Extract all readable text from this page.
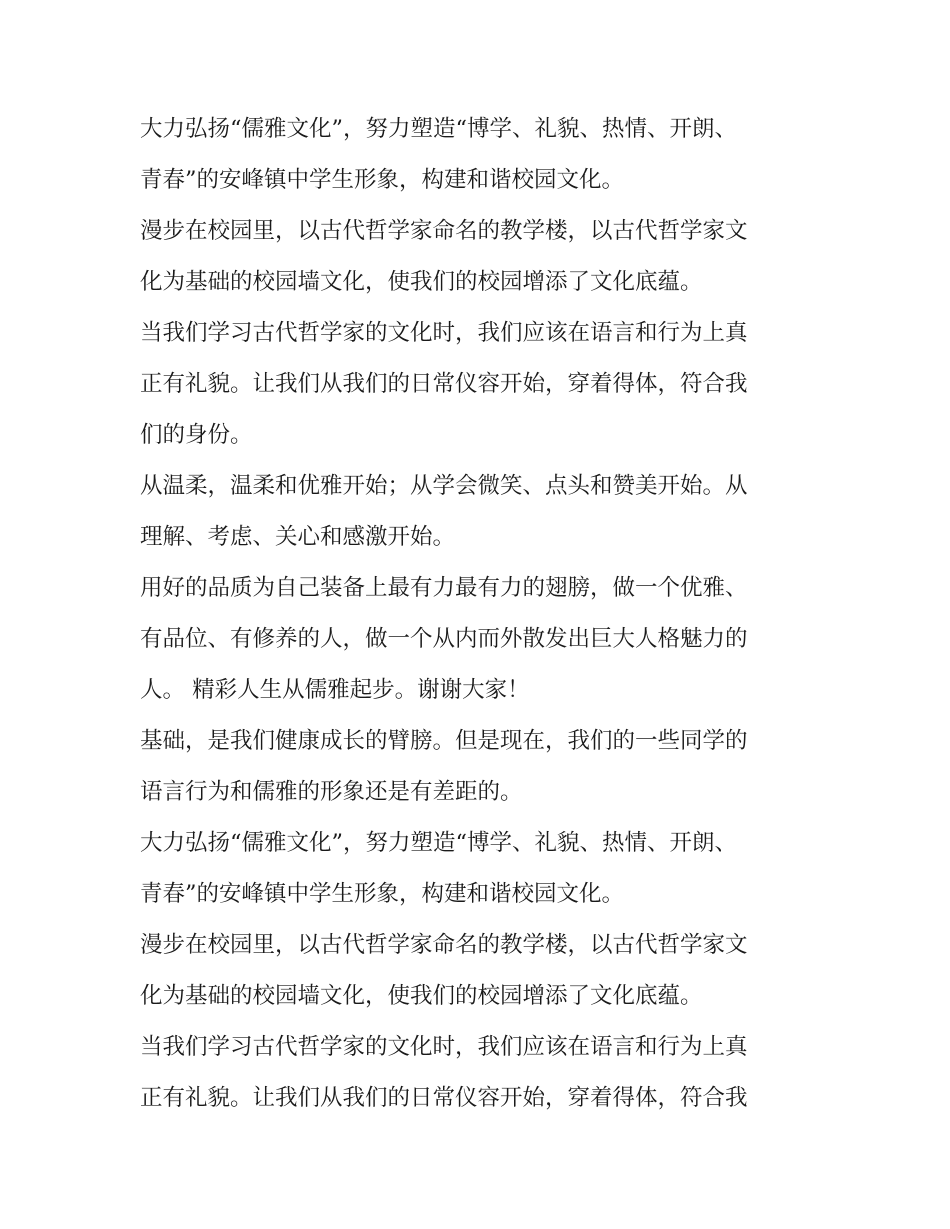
大力弘扬“儒雅文化”，努力塑造“博学、礼貌、热情、开朗、
青春”的安峰镇中学生形象，构建和谐校园文化。

漫步在校园里，以古代哲学家命名的教学楼，以古代哲学家文
化为基础的校园墙文化，使我们的校园增添了文化底蕴。

当我们学习古代哲学家的文化时，我们应该在语言和行为上真
正有礼貌。让我们从我们的日常仪容开始，穿着得体，符合我
们的身份。

从温柔，温柔和优雅开始；从学会微笑、点头和赞美开始。从
理解、考虑、关心和感激开始。

用好的品质为自己装备上最有力最有力的翅膀，做一个优雅、
有品位、有修养的人，做一个从内而外散发出巨大人格魅力的
人。 精彩人生从儒雅起步。谢谢大家！

基础，是我们健康成长的臂膀。但是现在，我们的一些同学的
语言行为和儒雅的形象还是有差距的。

大力弘扬“儒雅文化”，努力塑造“博学、礼貌、热情、开朗、
青春”的安峰镇中学生形象，构建和谐校园文化。

漫步在校园里，以古代哲学家命名的教学楼，以古代哲学家文
化为基础的校园墙文化，使我们的校园增添了文化底蕴。

当我们学习古代哲学家的文化时，我们应该在语言和行为上真
正有礼貌。让我们从我们的日常仪容开始，穿着得体，符合我
